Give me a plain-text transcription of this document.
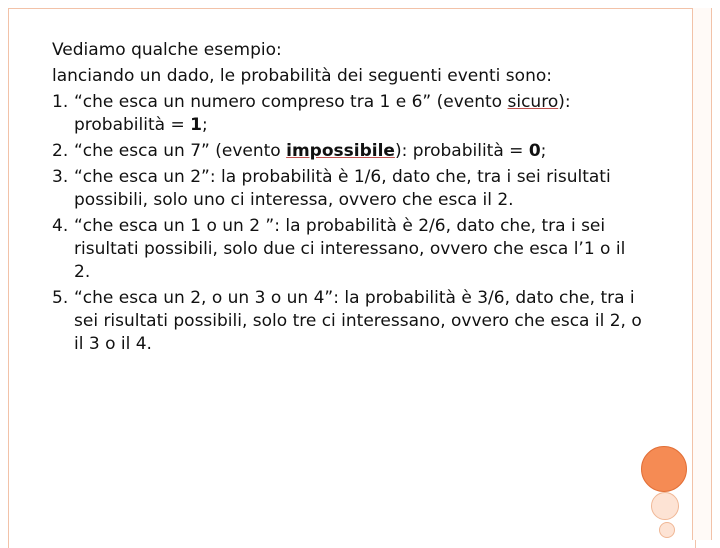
Vediamo qualche esempio:

lanciando un dado, le probabilità dei seguenti eventi sono:

1. “che esca un numero compreso tra 1 e 6” (evento sicuro): probabilità = 1;
2. “che esca un 7” (evento impossibile): probabilità = 0;
3. “che esca un 2”: la probabilità è 1/6, dato che, tra i sei risultati possibili, solo uno ci interessa, ovvero che esca il 2.
4. “che esca un 1 o un 2 ”: la probabilità è 2/6, dato che, tra i sei risultati possibili, solo due ci interessano, ovvero che esca l’1 o il 2.
5. “che esca un 2, o un 3 o un 4”: la probabilità è 3/6, dato che, tra i sei risultati possibili, solo tre ci interessano, ovvero che esca il 2, o il 3 o il 4.
